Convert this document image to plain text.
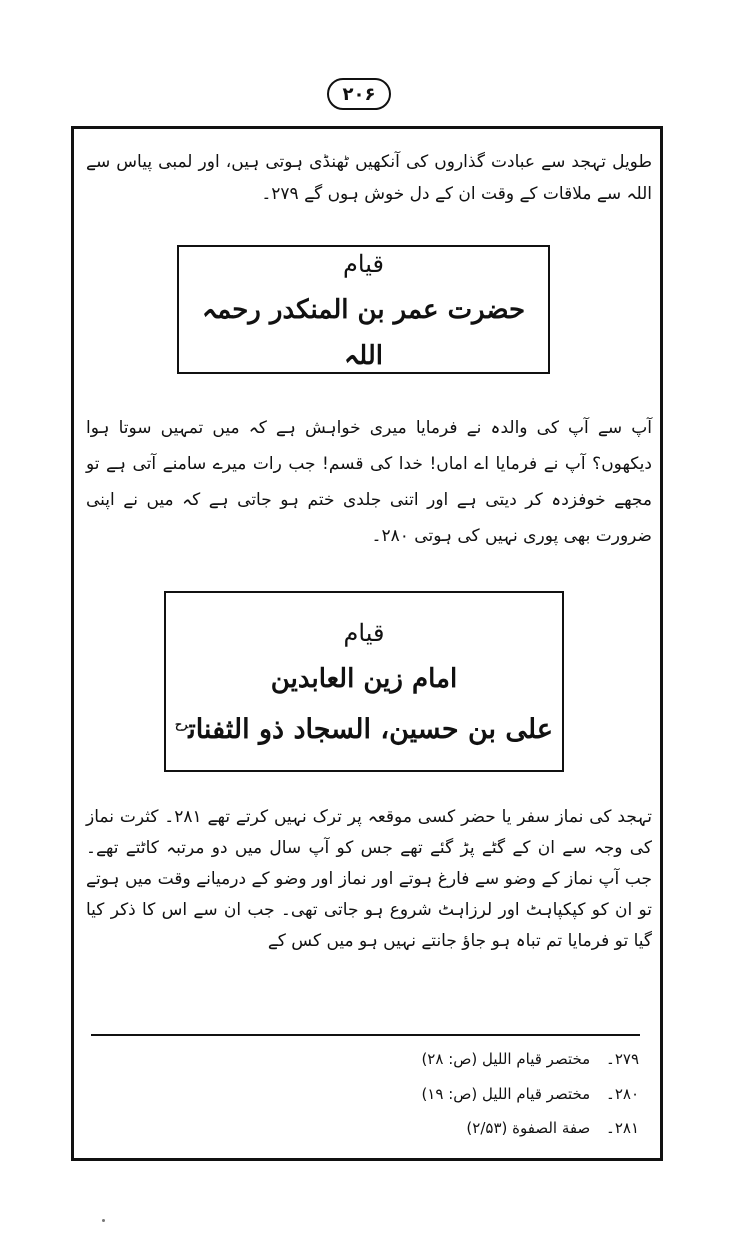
۲۰۶

طویل تہجد سے عبادت گذاروں کی آنکھیں ٹھنڈی ہوتی ہیں، اور لمبی پیاس سے اللہ سے ملاقات کے وقت ان کے دل خوش ہوں گے ۲۷۹۔

قیام

حضرت عمر بن المنکدر رحمہ اللہ

آپ سے آپ کی والدہ نے فرمایا میری خواہش ہے کہ میں تمہیں سوتا ہوا دیکھوں؟ آپ نے فرمایا اے اماں! خدا کی قسم! جب رات میرے سامنے آتی ہے تو مجھے خوفزدہ کر دیتی ہے اور اتنی جلدی ختم ہو جاتی ہے کہ میں نے اپنی ضرورت بھی پوری نہیں کی ہوتی ۲۸۰۔

قیام

امام زین العابدین

علی بن حسین، السجاد ذو الثفنات$^{رح}$

تہجد کی نماز سفر یا حضر کسی موقعہ پر ترک نہیں کرتے تھے ۲۸۱۔ کثرت نماز کی وجہ سے ان کے گٹے پڑ گئے تھے جس کو آپ سال میں دو مرتبہ کاٹتے تھے۔ جب آپ نماز کے وضو سے فارغ ہوتے اور نماز اور وضو کے درمیانے وقت میں ہوتے تو ان کو کپکپاہٹ اور لرزاہٹ شروع ہو جاتی تھی۔ جب ان سے اس کا ذکر کیا گیا تو فرمایا تم تباہ ہو جاؤ جانتے نہیں ہو میں کس کے

۲۷۹۔ مختصر قیام اللیل (ص: ۲۸)
۲۸۰۔ مختصر قیام اللیل (ص: ۱۹)
۲۸۱۔ صفة الصفوة (۲/۵۳)
